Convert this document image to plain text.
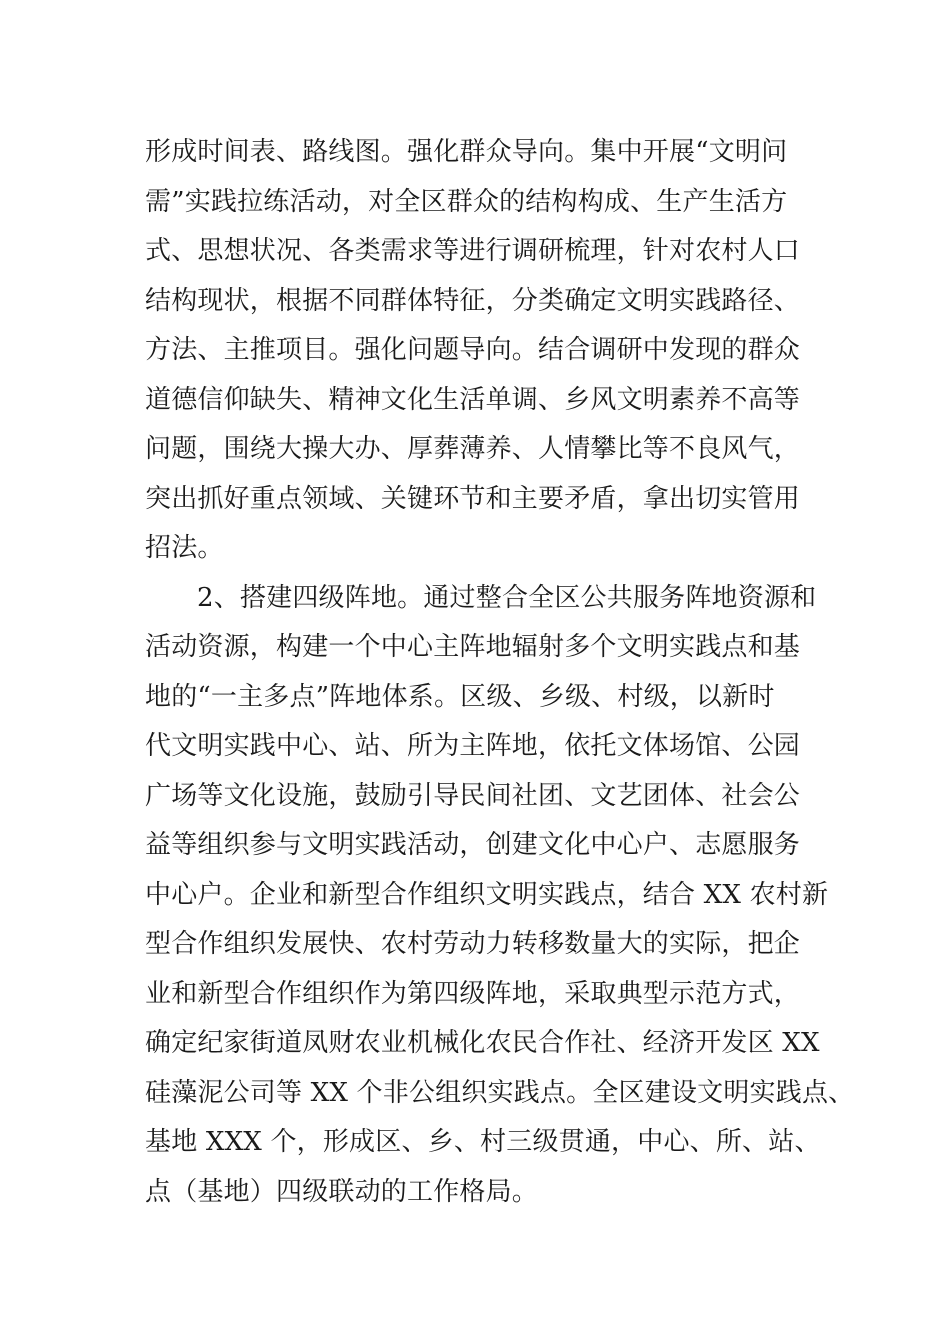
形成时间表、路线图。强化群众导向。集中开展“文明问
需”实践拉练活动，对全区群众的结构构成、生产生活方
式、思想状况、各类需求等进行调研梳理，针对农村人口
结构现状，根据不同群体特征，分类确定文明实践路径、
方法、主推项目。强化问题导向。结合调研中发现的群众
道德信仰缺失、精神文化生活单调、乡风文明素养不高等
问题，围绕大操大办、厚葬薄养、人情攀比等不良风气，
突出抓好重点领域、关键环节和主要矛盾，拿出切实管用
招法。
2、搭建四级阵地。通过整合全区公共服务阵地资源和
活动资源，构建一个中心主阵地辐射多个文明实践点和基
地的“一主多点”阵地体系。区级、乡级、村级，以新时
代文明实践中心、站、所为主阵地，依托文体场馆、公园
广场等文化设施，鼓励引导民间社团、文艺团体、社会公
益等组织参与文明实践活动，创建文化中心户、志愿服务
中心户。企业和新型合作组织文明实践点，结合 XX 农村新
型合作组织发展快、农村劳动力转移数量大的实际，把企
业和新型合作组织作为第四级阵地，采取典型示范方式，
确定纪家街道凤财农业机械化农民合作社、经济开发区 XX
硅藻泥公司等 XX 个非公组织实践点。全区建设文明实践点、
基地 XXX 个，形成区、乡、村三级贯通，中心、所、站、
点（基地）四级联动的工作格局。
